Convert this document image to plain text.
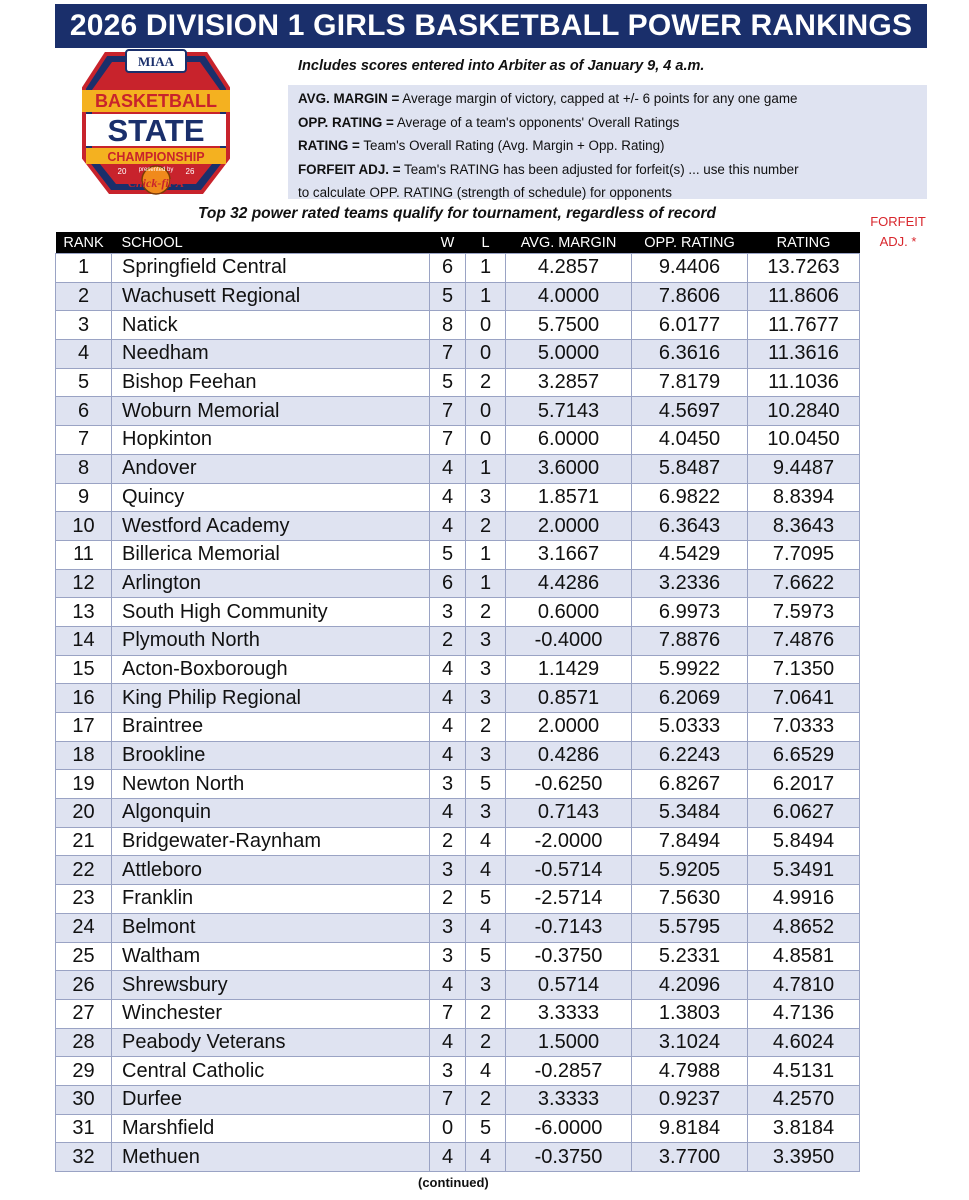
2026 DIVISION 1 GIRLS BASKETBALL POWER RANKINGS
MIAA
BASKETBALL
STATE
CHAMPIONSHIP
20	26
presented by
Chick-fil-A
Includes scores entered into Arbiter as of January 9, 4 a.m.
AVG. MARGIN = Average margin of victory, capped at +/- 6 points for any one game
OPP. RATING = Average of a team's opponents' Overall Ratings
RATING = Team's Overall Rating (Avg. Margin + Opp. Rating)
FORFEIT ADJ. = Team's RATING has been adjusted for forfeit(s) ... use this number
to calculate OPP. RATING (strength of schedule) for opponents
Top 32 power rated teams qualify for tournament, regardless of record	FORFEIT
ADJ. *
RANK	SCHOOL	W	L	AVG. MARGIN	OPP. RATING	RATING
1	Springfield Central	6	1	4.2857	9.4406	13.7263
2	Wachusett Regional	5	1	4.0000	7.8606	11.8606
3	Natick	8	0	5.7500	6.0177	11.7677
4	Needham	7	0	5.0000	6.3616	11.3616
5	Bishop Feehan	5	2	3.2857	7.8179	11.1036
6	Woburn Memorial	7	0	5.7143	4.5697	10.2840
7	Hopkinton	7	0	6.0000	4.0450	10.0450
8	Andover	4	1	3.6000	5.8487	9.4487
9	Quincy	4	3	1.8571	6.9822	8.8394
10	Westford Academy	4	2	2.0000	6.3643	8.3643
11	Billerica Memorial	5	1	3.1667	4.5429	7.7095
12	Arlington	6	1	4.4286	3.2336	7.6622
13	South High Community	3	2	0.6000	6.9973	7.5973
14	Plymouth North	2	3	-0.4000	7.8876	7.4876
15	Acton-Boxborough	4	3	1.1429	5.9922	7.1350
16	King Philip Regional	4	3	0.8571	6.2069	7.0641
17	Braintree	4	2	2.0000	5.0333	7.0333
18	Brookline	4	3	0.4286	6.2243	6.6529
19	Newton North	3	5	-0.6250	6.8267	6.2017
20	Algonquin	4	3	0.7143	5.3484	6.0627
21	Bridgewater-Raynham	2	4	-2.0000	7.8494	5.8494
22	Attleboro	3	4	-0.5714	5.9205	5.3491
23	Franklin	2	5	-2.5714	7.5630	4.9916
24	Belmont	3	4	-0.7143	5.5795	4.8652
25	Waltham	3	5	-0.3750	5.2331	4.8581
26	Shrewsbury	4	3	0.5714	4.2096	4.7810
27	Winchester	7	2	3.3333	1.3803	4.7136
28	Peabody Veterans	4	2	1.5000	3.1024	4.6024
29	Central Catholic	3	4	-0.2857	4.7988	4.5131
30	Durfee	7	2	3.3333	0.9237	4.2570
31	Marshfield	0	5	-6.0000	9.8184	3.8184
32	Methuen	4	4	-0.3750	3.7700	3.3950
(continued)
